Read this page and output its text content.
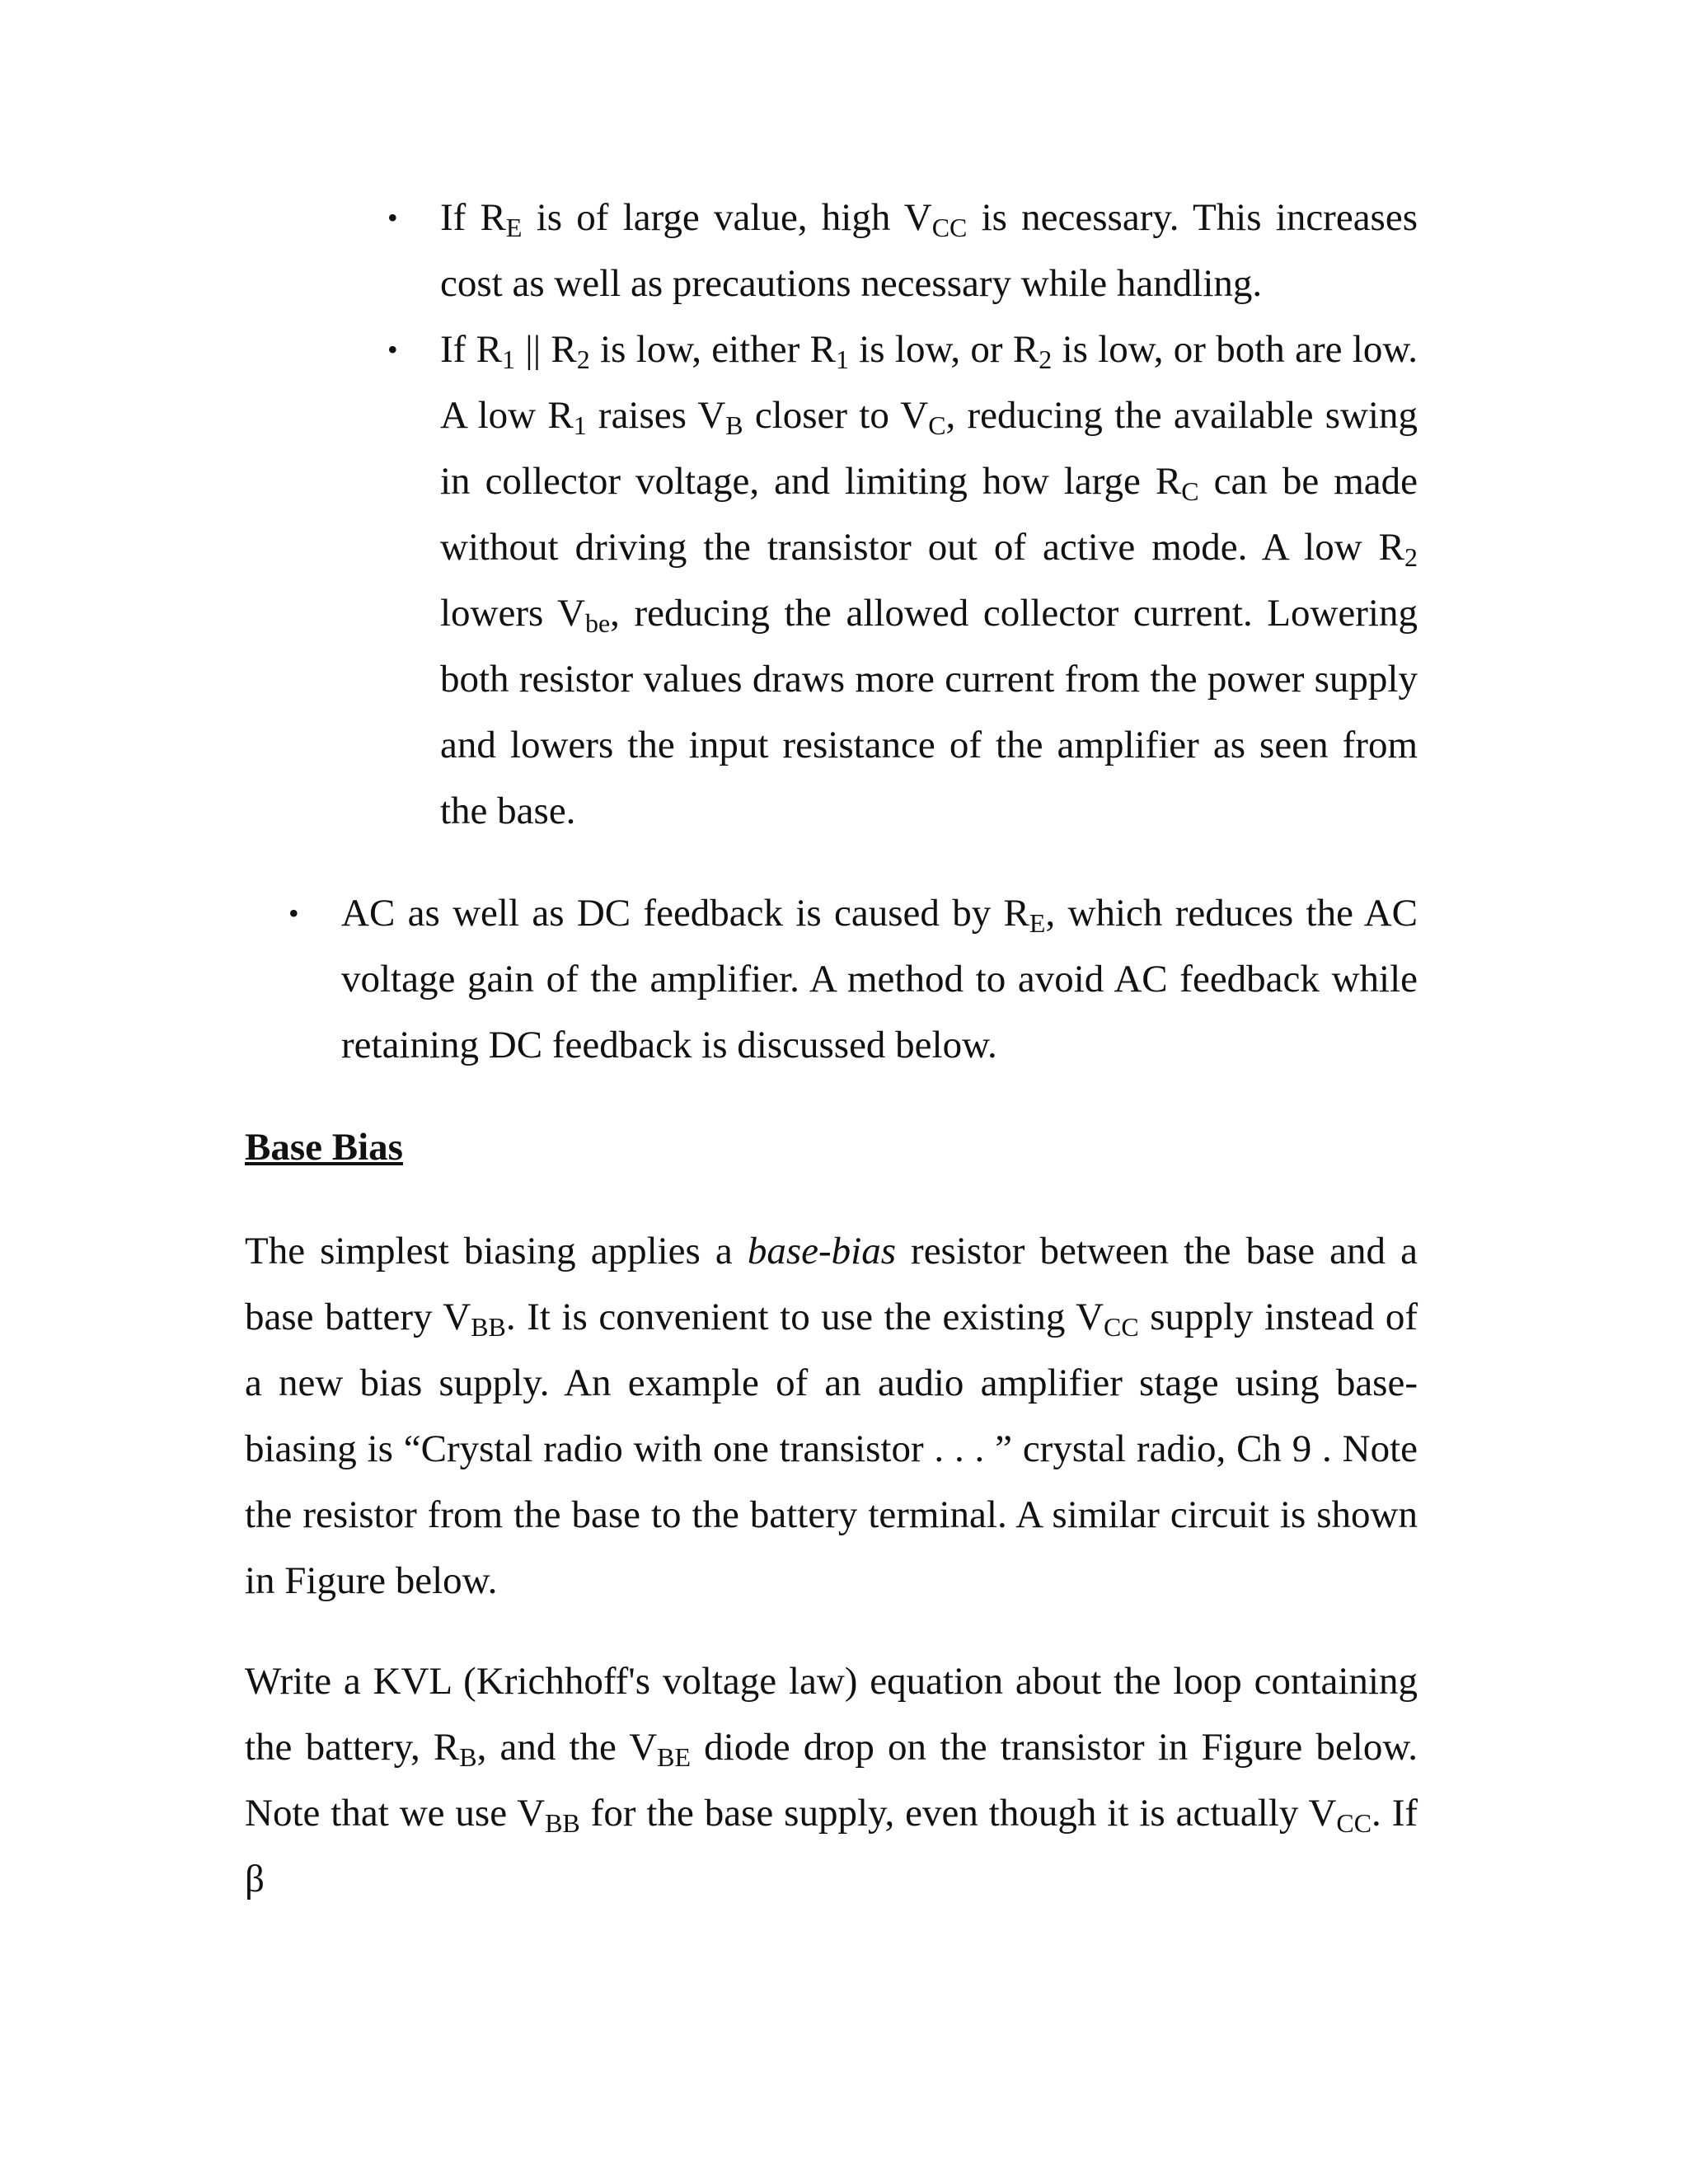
• If $R_E$ is of large value, high $V_{CC}$ is necessary. This increases cost as well as precautions necessary while handling.
• If $R_1$ || $R_2$ is low, either $R_1$ is low, or $R_2$ is low, or both are low. A low $R_1$ raises $V_B$ closer to $V_C$, reducing the available swing in collector voltage, and limiting how large $R_C$ can be made without driving the transistor out of active mode. A low $R_2$ lowers $V_{be}$, reducing the allowed collector current. Lowering both resistor values draws more current from the power supply and lowers the input resistance of the amplifier as seen from the base.
• AC as well as DC feedback is caused by $R_E$, which reduces the AC voltage gain of the amplifier. A method to avoid AC feedback while retaining DC feedback is discussed below.
Base Bias
The simplest biasing applies a base-bias resistor between the base and a base battery $V_{BB}$. It is convenient to use the existing $V_{CC}$ supply instead of a new bias supply. An example of an audio amplifier stage using base-biasing is “Crystal radio with one transistor . . . ” crystal radio, Ch 9 . Note the resistor from the base to the battery terminal. A similar circuit is shown in Figure below.
Write a KVL (Krichhoff's voltage law) equation about the loop containing the battery, $R_B$, and the $V_{BE}$ diode drop on the transistor in Figure below. Note that we use $V_{BB}$ for the base supply, even though it is actually $V_{CC}$. If β
